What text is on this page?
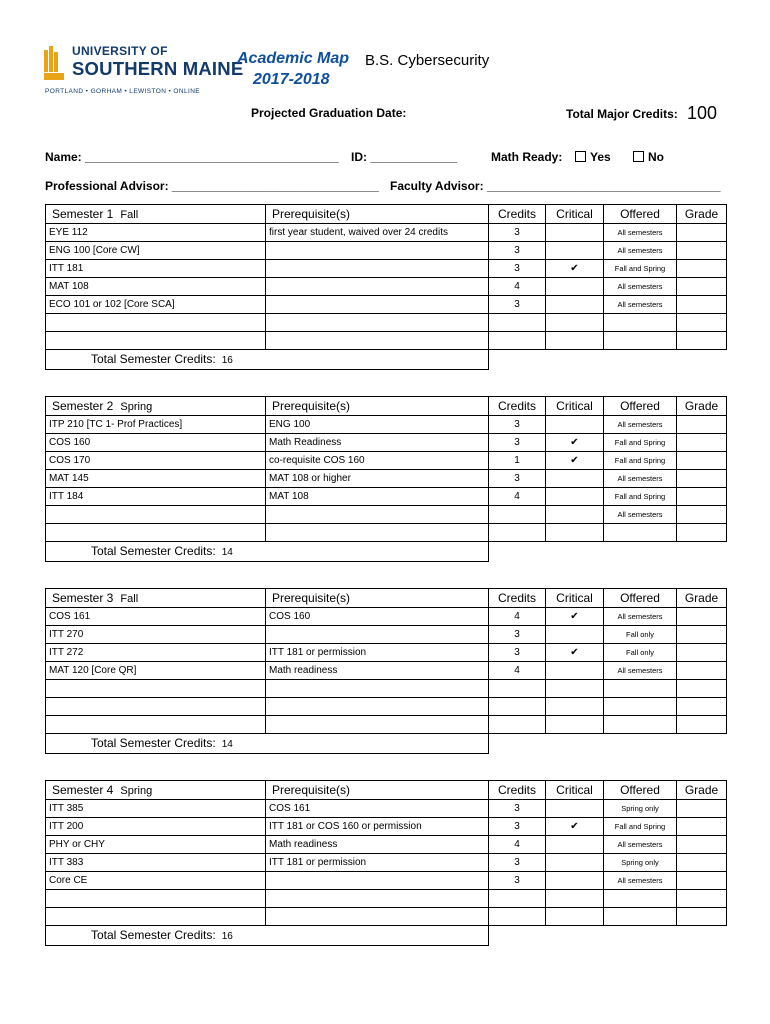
UNIVERSITY OF
SOUTHERN MAINE
PORTLAND • GORHAM • LEWISTON • ONLINE
Academic Map
2017-2018
B.S. Cybersecurity
Projected Graduation Date:	Total Major Credits: 100
Name: ______________________________________ ID: _____________	Math Ready:	Yes	No
Professional Advisor: _______________________________ Faculty Advisor: ___________________________________
Semester 1 Fall	Prerequisite(s)	Credits	Critical	Offered	Grade
EYE 112	first year student, waived over 24 credits	3		All semesters	
ENG 100 [Core CW]		3		All semesters	
ITT 181		3	✔	Fall and Spring	
MAT 108		4		All semesters	
ECO 101 or 102 [Core SCA]		3		All semesters	

Total Semester Credits: 16					
Semester 2 Spring	Prerequisite(s)	Credits	Critical	Offered	Grade
ITP 210 [TC 1- Prof Practices]	ENG 100	3		All semesters	
COS 160	Math Readiness	3	✔	Fall and Spring	
COS 170	co-requisite COS 160	1	✔	Fall and Spring	
MAT 145	MAT 108 or higher	3		All semesters	
ITT 184	MAT 108	4		Fall and Spring	
				All semesters	

Total Semester Credits: 14					
Semester 3 Fall	Prerequisite(s)	Credits	Critical	Offered	Grade
COS 161	COS 160	4	✔	All semesters	
ITT 270		3		Fall only	
ITT 272	ITT 181 or permission	3	✔	Fall only	
MAT 120 [Core QR]	Math readiness	4		All semesters	

Total Semester Credits: 14					
Semester 4 Spring	Prerequisite(s)	Credits	Critical	Offered	Grade
ITT 385	COS 161	3		Spring only	
ITT 200	ITT 181 or COS 160 or permission	3	✔	Fall and Spring	
PHY or CHY	Math readiness	4		All semesters	
ITT 383	ITT 181 or permission	3		Spring only	
Core CE		3		All semesters	

Total Semester Credits: 16					
